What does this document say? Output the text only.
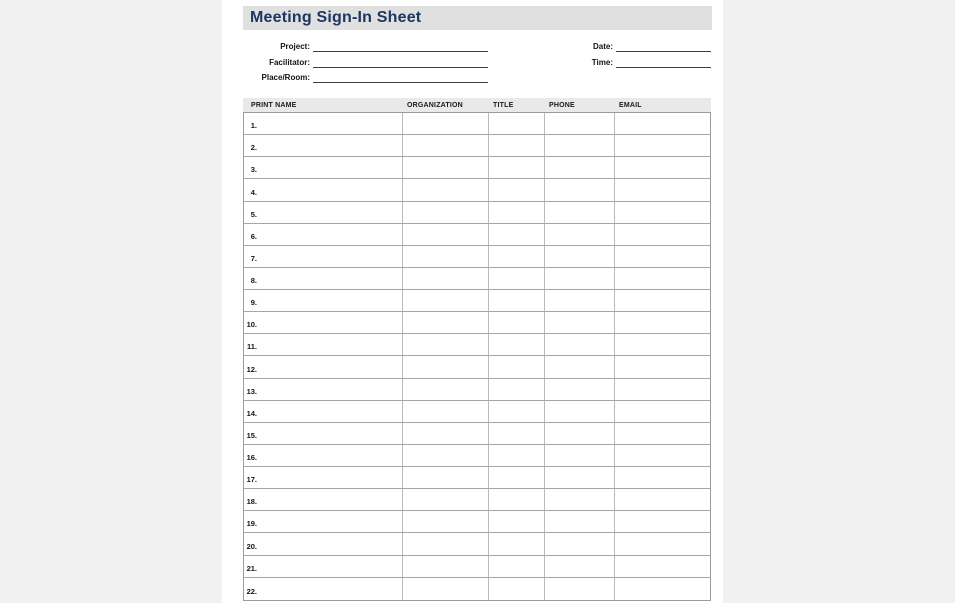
Meeting Sign-In Sheet
Project:
Facilitator:
Place/Room:
Date:
Time:
PRINT NAME	ORGANIZATION	TITLE	PHONE	EMAIL
1.
2.
3.
4.
5.
6.
7.
8.
9.
10.
11.
12.
13.
14.
15.
16.
17.
18.
19.
20.
21.
22.
